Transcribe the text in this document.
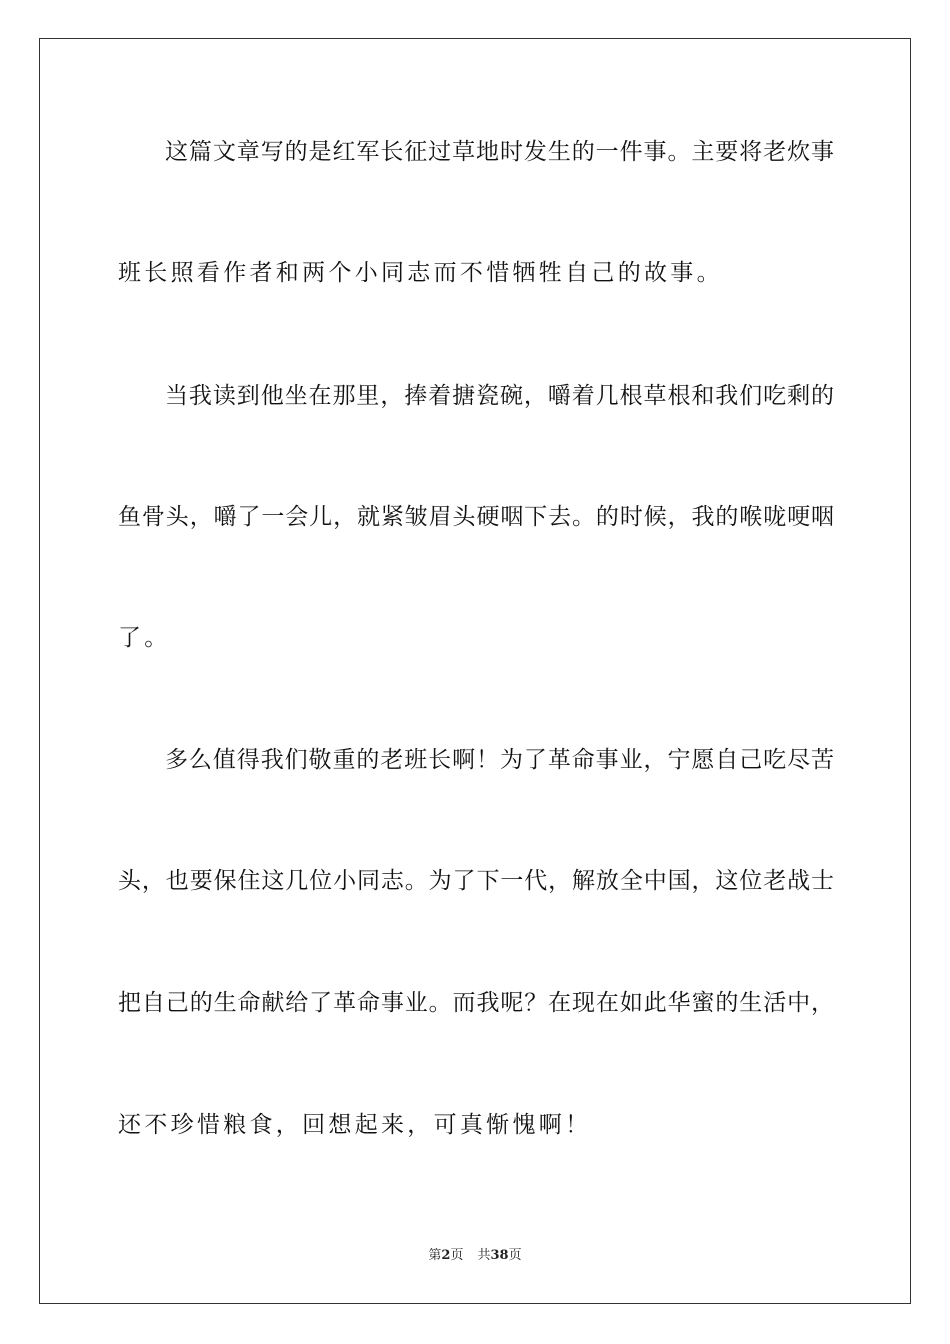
这篇文章写的是红军长征过草地时发生的一件事。主要将老炊事
班长照看作者和两个小同志而不惜牺牲自己的故事。
当我读到他坐在那里，捧着搪瓷碗，嚼着几根草根和我们吃剩的
鱼骨头，嚼了一会儿，就紧皱眉头硬咽下去。的时候，我的喉咙哽咽
了。
多么值得我们敬重的老班长啊！为了革命事业，宁愿自己吃尽苦
头，也要保住这几位小同志。为了下一代，解放全中国，这位老战士
把自己的生命献给了革命事业。而我呢？在现在如此华蜜的生活中，
还不珍惜粮食，回想起来，可真惭愧啊！
第2页 共38页
